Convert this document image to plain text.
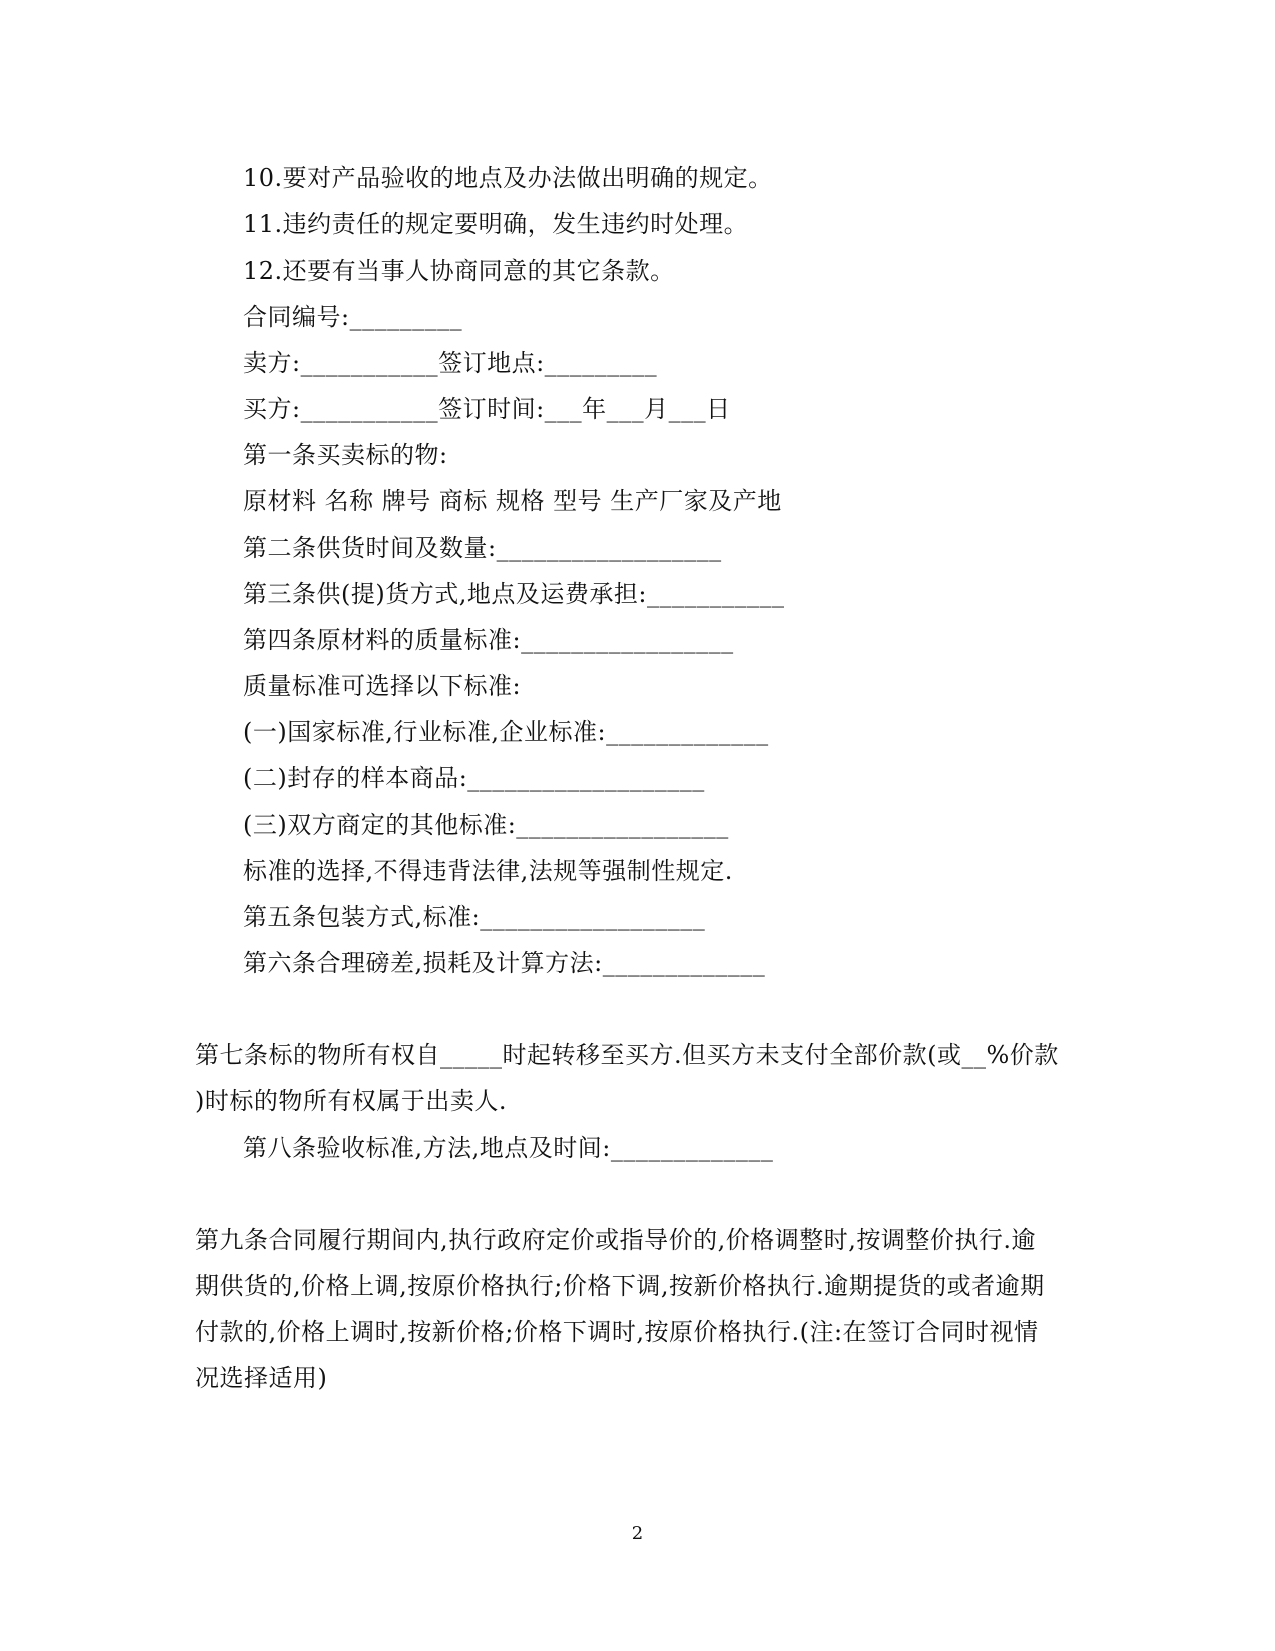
10.要对产品验收的地点及办法做出明确的规定。
11.违约责任的规定要明确，发生违约时处理。
12.还要有当事人协商同意的其它条款。
合同编号:_________
卖方:___________签订地点:_________
买方:___________签订时间:___年___月___日
第一条买卖标的物:
原材料 名称 牌号 商标 规格 型号 生产厂家及产地
第二条供货时间及数量:__________________
第三条供(提)货方式,地点及运费承担:___________
第四条原材料的质量标准:_________________
质量标准可选择以下标准:
(一)国家标准,行业标准,企业标准:_____________
(二)封存的样本商品:___________________
(三)双方商定的其他标准:_________________
标准的选择,不得违背法律,法规等强制性规定.
第五条包装方式,标准:__________________
第六条合理磅差,损耗及计算方法:_____________
第七条标的物所有权自_____时起转移至买方.但买方未支付全部价款(或__%价款
)时标的物所有权属于出卖人.
第八条验收标准,方法,地点及时间:_____________
第九条合同履行期间内,执行政府定价或指导价的,价格调整时,按调整价执行.逾
期供货的,价格上调,按原价格执行;价格下调,按新价格执行.逾期提货的或者逾期
付款的,价格上调时,按新价格;价格下调时,按原价格执行.(注:在签订合同时视情
况选择适用)
2
